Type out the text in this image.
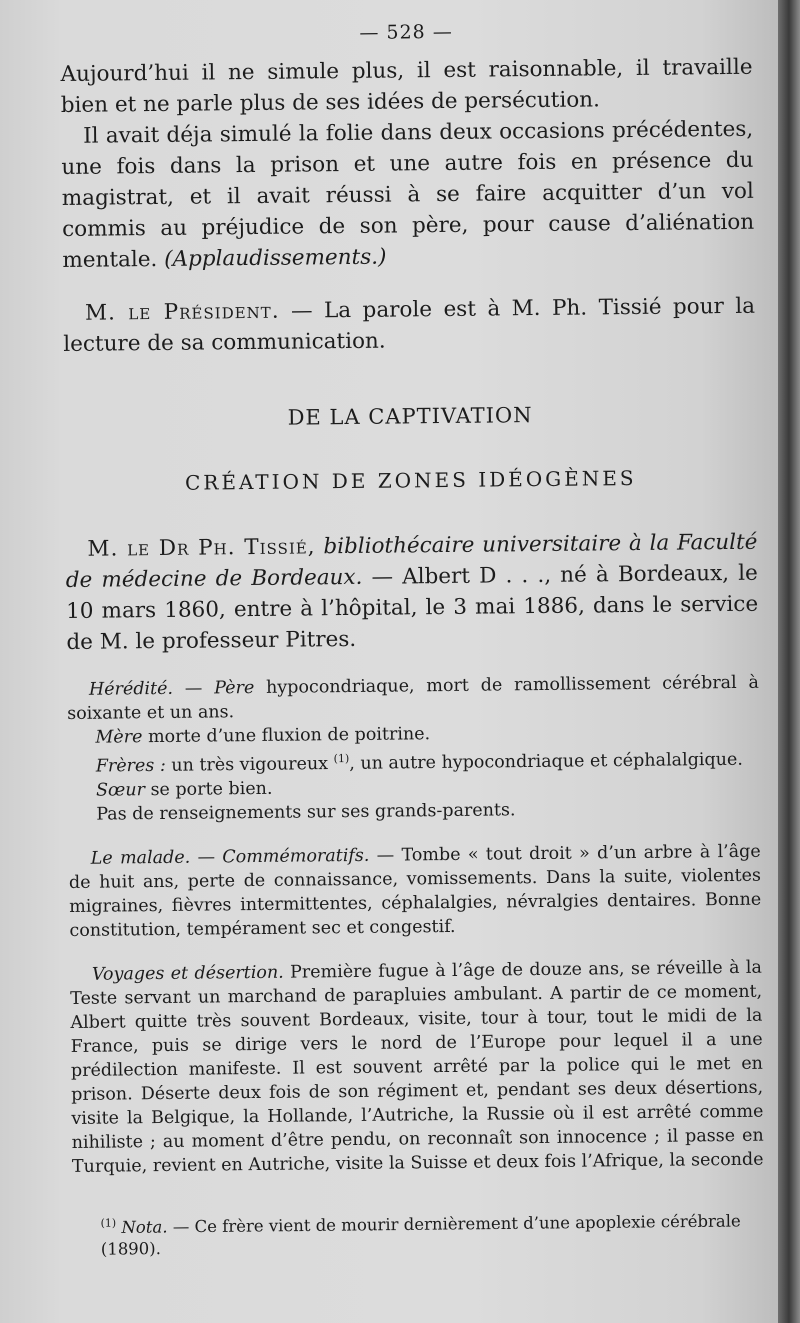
— 528 —

Aujourd’hui il ne simule plus, il est raisonnable, il travaille bien et ne parle plus de ses idées de persécution.

Il avait déja simulé la folie dans deux occasions précédentes, une fois dans la prison et une autre fois en présence du magistrat, et il avait réussi à se faire acquitter d’un vol commis au préjudice de son père, pour cause d’aliénation mentale. (Applaudissements.)

M. le Président. — La parole est à M. Ph. Tissié pour la lecture de sa communication.

DE LA CAPTIVATION
CRÉATION DE ZONES IDÉOGÈNES

M. le Dr Ph. Tissié, bibliothécaire universitaire à la Faculté de médecine de Bordeaux. — Albert D . . ., né à Bordeaux, le 10 mars 1860, entre à l’hôpital, le 3 mai 1886, dans le service de M. le professeur Pitres.

Hérédité. — Père hypocondriaque, mort de ramollissement cérébral à soixante et un ans.

Mère morte d’une fluxion de poitrine.

Frères : un très vigoureux $^{(1)}$, un autre hypocondriaque et céphalalgique.

Sœur se porte bien.

Pas de renseignements sur ses grands-parents.

Le malade. — Commémoratifs. — Tombe « tout droit » d’un arbre à l’âge de huit ans, perte de connaissance, vomissements. Dans la suite, violentes migraines, fièvres intermittentes, céphalalgies, névralgies dentaires. Bonne constitution, tempérament sec et congestif.

Voyages et désertion. Première fugue à l’âge de douze ans, se réveille à la Teste servant un marchand de parapluies ambulant. A partir de ce moment, Albert quitte très souvent Bordeaux, visite, tour à tour, tout le midi de la France, puis se dirige vers le nord de l’Europe pour lequel il a une prédilection manifeste. Il est souvent arrêté par la police qui le met en prison. Déserte deux fois de son régiment et, pendant ses deux désertions, visite la Belgique, la Hollande, l’Autriche, la Russie où il est arrêté comme nihiliste ; au moment d’être pendu, on reconnaît son innocence ; il passe en Turquie, revient en Autriche, visite la Suisse et deux fois l’Afrique, la seconde

$^{(1)}$ Nota. — Ce frère vient de mourir dernièrement d’une apoplexie cérébrale (1890).
